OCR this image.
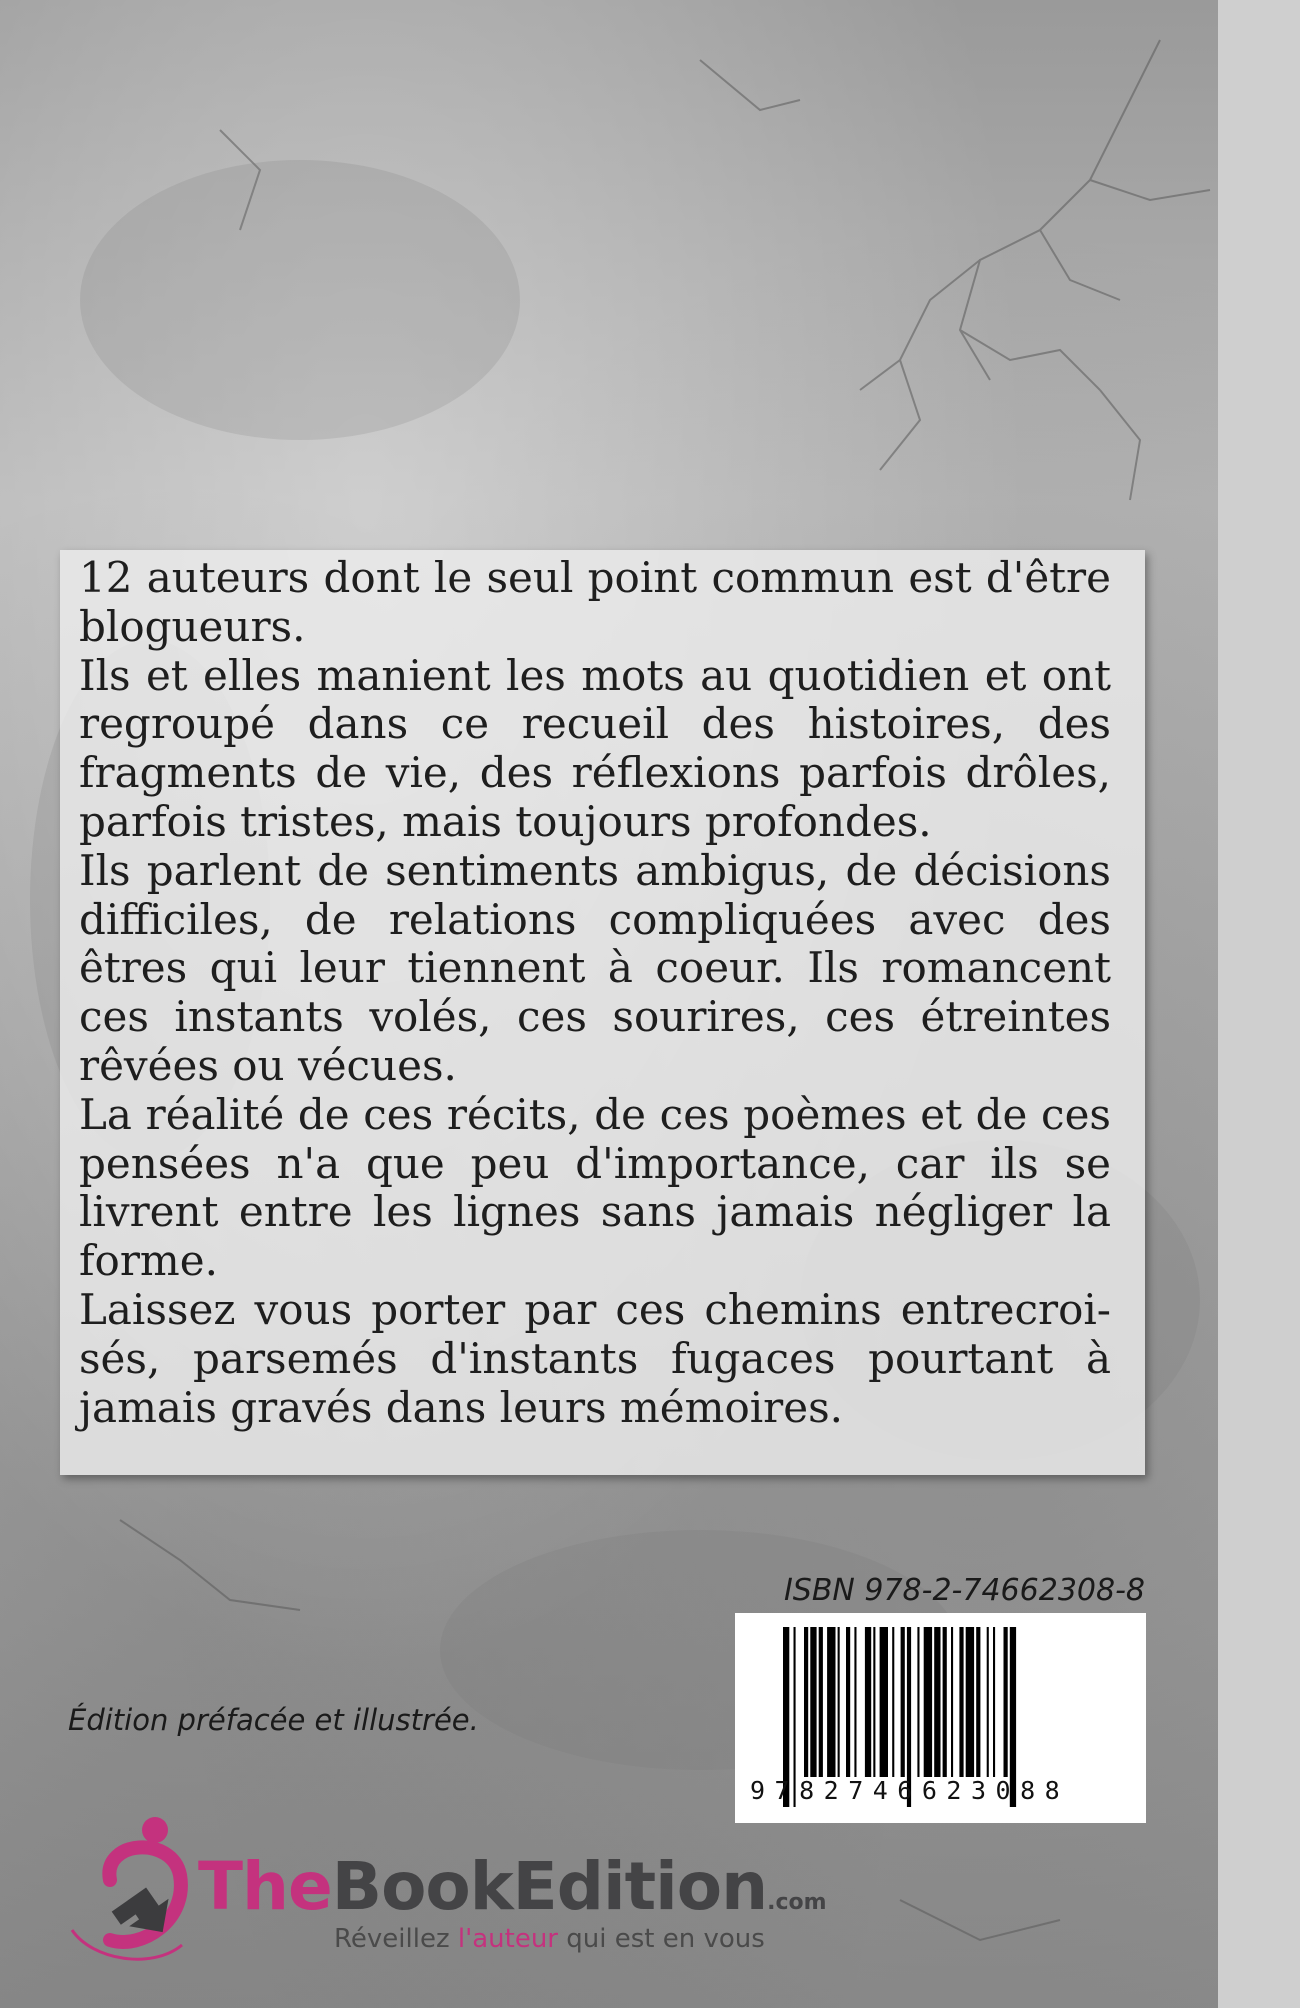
12 auteurs dont le seul point commun est d'être blogueurs.

Ils et elles manient les mots au quotidien et ont regroupé dans ce recueil des histoires, des fragments de vie, des réflexions parfois drôles, parfois tristes, mais toujours profondes.

Ils parlent de sentiments ambigus, de décisions difficiles, de relations compliquées avec des êtres qui leur tiennent à coeur. Ils romancent ces instants volés, ces sourires, ces étreintes rêvées ou vécues.

La réalité de ces récits, de ces poèmes et de ces pensées n'a que peu d'importance, car ils se livrent entre les lignes sans jamais négliger la forme.

Laissez vous porter par ces chemins entrecroisés, parsemés d'instants fugaces pourtant à jamais gravés dans leurs mémoires.

ISBN 978-2-74662308-8
9782746623088
Édition préfacée et illustrée.
TheBookEdition.com
Réveillez l'auteur qui est en vous
